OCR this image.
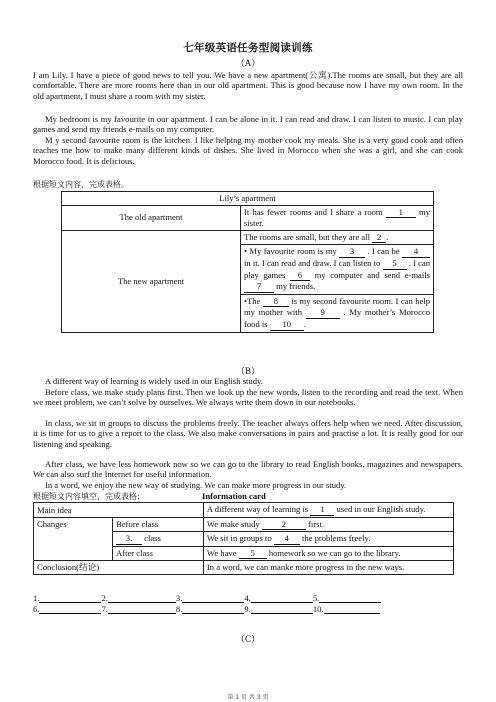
七年级英语任务型阅读训练
（A）
I am Lily. I have a piece of good news to tell you. We have a new apartment(公寓).The rooms are small, but they are all comfortable. There are more rooms here than in our old apartment. This is good because now I have my own room. In the old apartment, I must share a room with my sister.
My bedroom is my favourite in our apartment. I can be alone in it. I can read and draw. I can listen to music. I can play games and send my friends e-mails on my computer.
M y second favourite room is the kitchen. I like helping my mother cook my meals. She is a very good cook and often teaches me how to make many different kinds of dishes. She lived in Morocco when she was a girl, and she can cook Morocco food. It is delicious.
根据短文内容，完成表格。
Lily’s apartment	
The old apartment	It has fewer rooms and I share a room 1 my sister.
The new apartment	The rooms are small, but they are all 2 .
	• My favourite room is my 3 . I can be 4 in it. I can read and draw. I can listen to 5 . I can play games 6 my computer and send e-mails 7 my friends.
	•The 8 is my second favourite room. I can help my mother with 9 . My mother’s Morocco food is 10 .
（B）
A different way of learning is widely used in our English study.
Before class, we make study plans first. Then we look up the new words, listen to the recording and read the text. When we meet problem, we can’t solve by ourselves. We always write them down in our notebooks.
In class, we sit in groups to discuss the problems freely. The teacher always offers help when we need. After discussion, it is time for us to give a report to the class. We also make conversations in pairs and practise a lot. It is really good for our listening and speaking.
After class, we have less homework now so we can go to the library to read English books, magazines and newspapers. We can also surf the Internet for useful information.
In a word, we enjoy the new way of studying. We can make more progress in our study.
根据短文内容填空，完成表格:	Information card
Main idea		A different way of learning is 1 used in our English study.
Changes	Before class	We make study 2 first.
	3. class	We sit in groups to 4 the problems freely.
	After class	We have 5 homework so we can go to the library.
Conclusion(结论)		In a word, we can manke more progress in the new ways.
1.	2.	3.	4.	5.
6.	7.	8.	9.	10.
（C）
第 1 页 共 3 页
